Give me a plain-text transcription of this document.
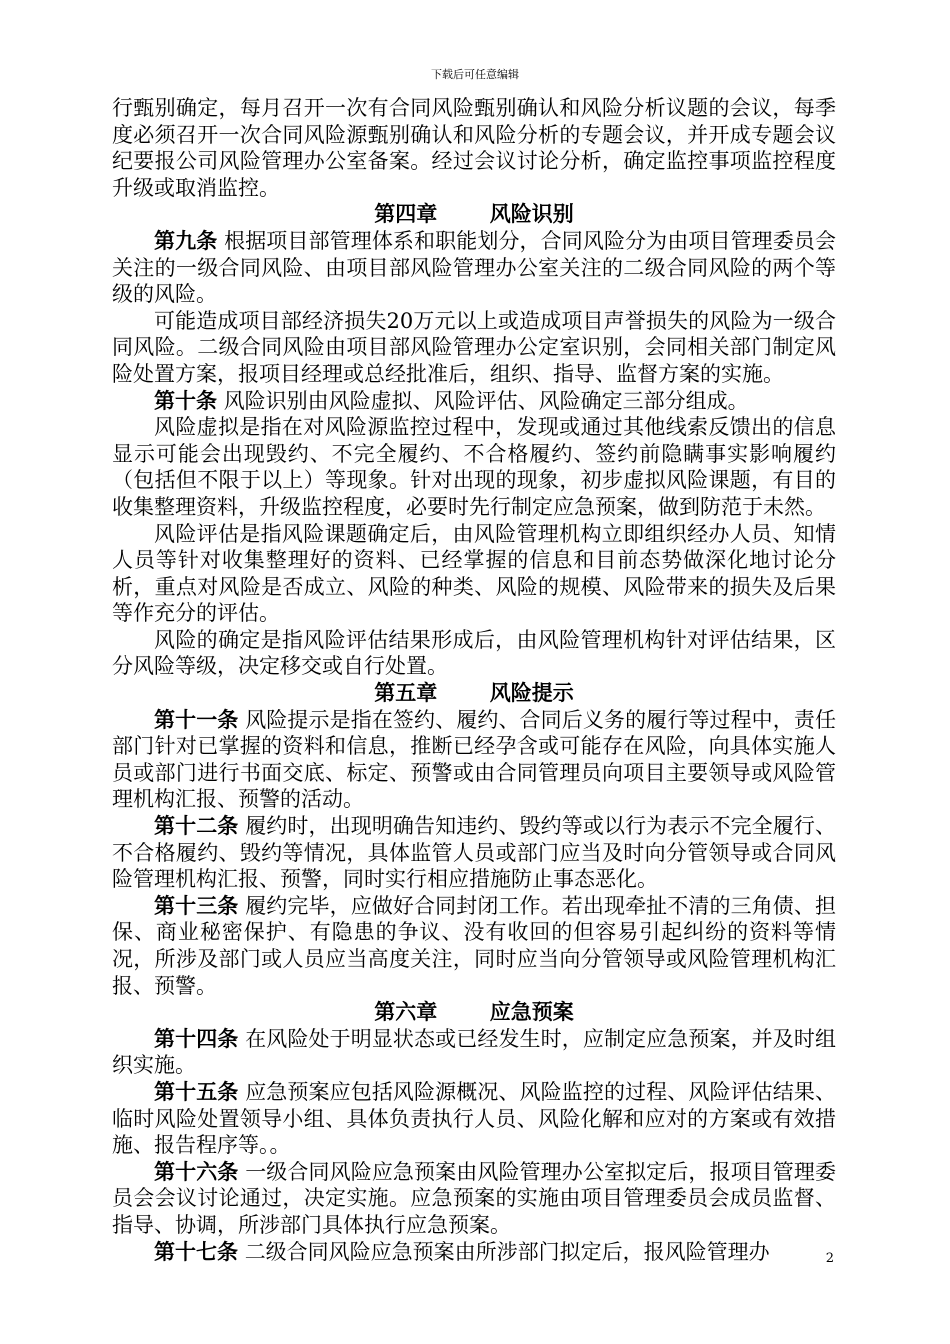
下载后可任意编辑

行甄别确定，每月召开一次有合同风险甄别确认和风险分析议题的会议，每季度必须召开一次合同风险源甄别确认和风险分析的专题会议，并开成专题会议纪要报公司风险管理办公室备案。经过会议讨论分析，确定监控事项监控程度升级或取消监控。

第四章	风险识别

第九条 根据项目部管理体系和职能划分，合同风险分为由项目管理委员会关注的一级合同风险、由项目部风险管理办公室关注的二级合同风险的两个等级的风险。

可能造成项目部经济损失20万元以上或造成项目声誉损失的风险为一级合同风险。二级合同风险由项目部风险管理办公定室识别，会同相关部门制定风险处置方案，报项目经理或总经批准后，组织、指导、监督方案的实施。

第十条 风险识别由风险虚拟、风险评估、风险确定三部分组成。

风险虚拟是指在对风险源监控过程中，发现或通过其他线索反馈出的信息显示可能会出现毁约、不完全履约、不合格履约、签约前隐瞒事实影响履约（包括但不限于以上）等现象。针对出现的现象，初步虚拟风险课题，有目的收集整理资料，升级监控程度，必要时先行制定应急预案，做到防范于未然。

风险评估是指风险课题确定后，由风险管理机构立即组织经办人员、知情人员等针对收集整理好的资料、已经掌握的信息和目前态势做深化地讨论分析，重点对风险是否成立、风险的种类、风险的规模、风险带来的损失及后果等作充分的评估。

风险的确定是指风险评估结果形成后，由风险管理机构针对评估结果，区分风险等级，决定移交或自行处置。

第五章	风险提示

第十一条 风险提示是指在签约、履约、合同后义务的履行等过程中，责任部门针对已掌握的资料和信息，推断已经孕含或可能存在风险，向具体实施人员或部门进行书面交底、标定、预警或由合同管理员向项目主要领导或风险管理机构汇报、预警的活动。

第十二条 履约时，出现明确告知违约、毁约等或以行为表示不完全履行、不合格履约、毁约等情况，具体监管人员或部门应当及时向分管领导或合同风险管理机构汇报、预警，同时实行相应措施防止事态恶化。

第十三条 履约完毕，应做好合同封闭工作。若出现牵扯不清的三角债、担保、商业秘密保护、有隐患的争议、没有收回的但容易引起纠纷的资料等情况，所涉及部门或人员应当高度关注，同时应当向分管领导或风险管理机构汇报、预警。

第六章	应急预案

第十四条 在风险处于明显状态或已经发生时，应制定应急预案，并及时组织实施。

第十五条 应急预案应包括风险源概况、风险监控的过程、风险评估结果、临时风险处置领导小组、具体负责执行人员、风险化解和应对的方案或有效措施、报告程序等。。

第十六条 一级合同风险应急预案由风险管理办公室拟定后，报项目管理委员会会议讨论通过，决定实施。应急预案的实施由项目管理委员会成员监督、指导、协调，所涉部门具体执行应急预案。

第十七条 二级合同风险应急预案由所涉部门拟定后，报风险管理办	2
